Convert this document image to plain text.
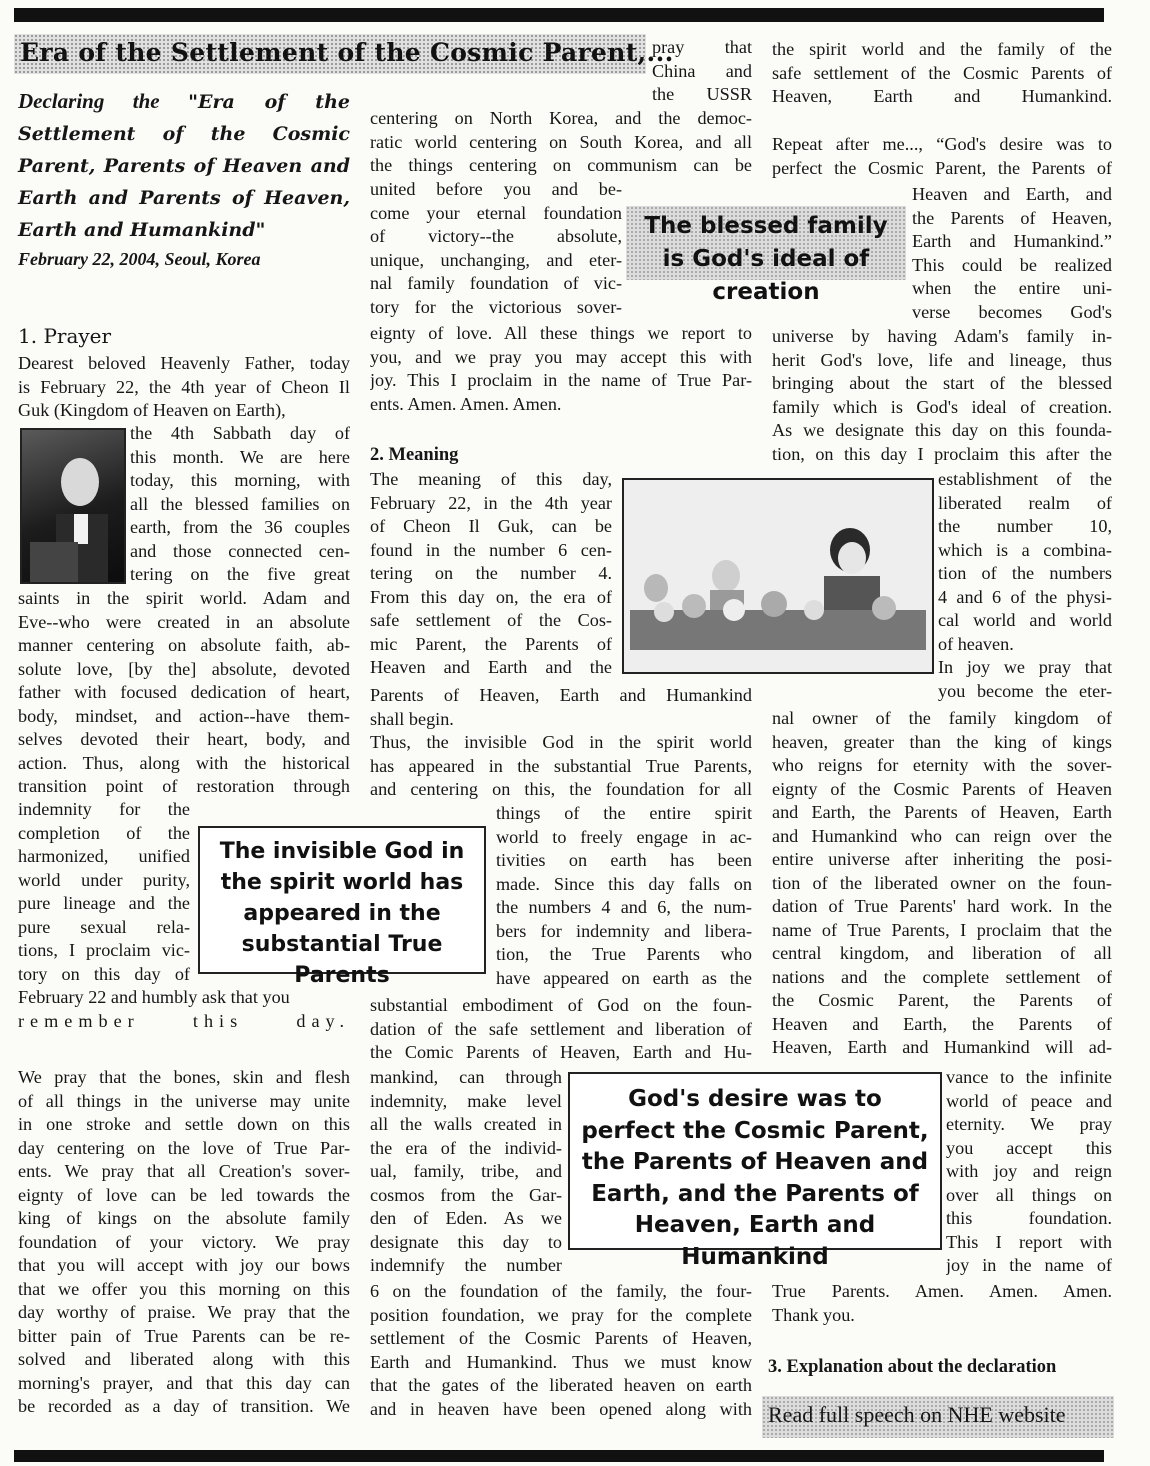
Era of the Settlement of the Cosmic Parent,...
Declaring the "Era of the Settlement of the Cosmic Parent, Parents of Heaven and Earth and Parents of Heaven, Earth and Humankind"
February 22, 2004, Seoul, Korea
1. Prayer
Dearest beloved Heavenly Father, today
is February 22, the 4th year of Cheon Il
Guk (Kingdom of Heaven on Earth),
the 4th Sabbath day of
this month. We are here
today, this morning, with
all the blessed families on
earth, from the 36 couples
and those connected cen-
tering on the five great
saints in the spirit world. Adam and
Eve--who were created in an absolute
manner centering on absolute faith, ab-
solute love, [by the] absolute, devoted
father with focused dedication of heart,
body, mindset, and action--have them-
selves devoted their heart, body, and
action. Thus, along with the historical
transition point of restoration through
indemnity for the
completion of the
harmonized, unified
world under purity,
pure lineage and the
pure sexual rela-
tions, I proclaim vic-
tory on this day of
February 22 and humbly ask that you
remember this day.
We pray that the bones, skin and flesh
of all things in the universe may unite
in one stroke and settle down on this
day centering on the love of True Par-
ents. We pray that all Creation's sover-
eignty of love can be led towards the
king of kings on the absolute family
foundation of your victory. We pray
that you will accept with joy our bows
that we offer you this morning on this
day worthy of praise. We pray that the
bitter pain of True Parents can be re-
solved and liberated along with this
morning's prayer, and that this day can
be recorded as a day of transition. We
The invisible God in the spirit world has appeared in the substantial True Parents
pray that
China and
the USSR
centering on North Korea, and the democ-
ratic world centering on South Korea, and all
the things centering on communism can be
united before you and be-
come your eternal foundation
of victory--the absolute,
unique, unchanging, and eter-
nal family foundation of vic-
tory for the victorious sover-
eignty of love. All these things we report to
you, and we pray you may accept this with
joy. This I proclaim in the name of True Par-
ents. Amen. Amen. Amen.
2. Meaning
The meaning of this day,
February 22, in the 4th year
of Cheon Il Guk, can be
found in the number 6 cen-
tering on the number 4.
From this day on, the era of
safe settlement of the Cos-
mic Parent, the Parents of
Heaven and Earth and the
Parents of Heaven, Earth and Humankind
shall begin.
Thus, the invisible God in the spirit world
has appeared in the substantial True Parents,
and centering on this, the foundation for all
things of the entire spirit
world to freely engage in ac-
tivities on earth has been
made. Since this day falls on
the numbers 4 and 6, the num-
bers for indemnity and libera-
tion, the True Parents who
have appeared on earth as the
substantial embodiment of God on the foun-
dation of the safe settlement and liberation of
the Comic Parents of Heaven, Earth and Hu-
mankind, can through
indemnity, make level
all the walls created in
the era of the individ-
ual, family, tribe, and
cosmos from the Gar-
den of Eden. As we
designate this day to
indemnify the number
6 on the foundation of the family, the four-
position foundation, we pray for the complete
settlement of the Cosmic Parents of Heaven,
Earth and Humankind. Thus we must know
that the gates of the liberated heaven on earth
and in heaven have been opened along with
The blessed family is God's ideal of creation
God's desire was to perfect the Cosmic Parent, the Parents of Heaven and Earth, and the Parents of Heaven, Earth and Humankind
the spirit world and the family of the
safe settlement of the Cosmic Parents of
Heaven, Earth and Humankind.
Repeat after me..., “God's desire was to
perfect the Cosmic Parent, the Parents of
Heaven and Earth, and
the Parents of Heaven,
Earth and Humankind.”
This could be realized
when the entire uni-
verse becomes God's
universe by having Adam's family in-
herit God's love, life and lineage, thus
bringing about the start of the blessed
family which is God's ideal of creation.
As we designate this day on this founda-
tion, on this day I proclaim this after the
establishment of the
liberated realm of
the number 10,
which is a combina-
tion of the numbers
4 and 6 of the physi-
cal world and world
of heaven.
In joy we pray that
you become the eter-
nal owner of the family kingdom of
heaven, greater than the king of kings
who reigns for eternity with the sover-
eignty of the Cosmic Parents of Heaven
and Earth, the Parents of Heaven, Earth
and Humankind who can reign over the
entire universe after inheriting the posi-
tion of the liberated owner on the foun-
dation of True Parents' hard work. In the
name of True Parents, I proclaim that the
central kingdom, and liberation of all
nations and the complete settlement of
the Cosmic Parent, the Parents of
Heaven and Earth, the Parents of
Heaven, Earth and Humankind will ad-
vance to the infinite
world of peace and
eternity. We pray
you accept this
with joy and reign
over all things on
this foundation.
This I report with
joy in the name of
True Parents. Amen. Amen. Amen.
Thank you.
3. Explanation about the declaration
Read full speech on NHE website
